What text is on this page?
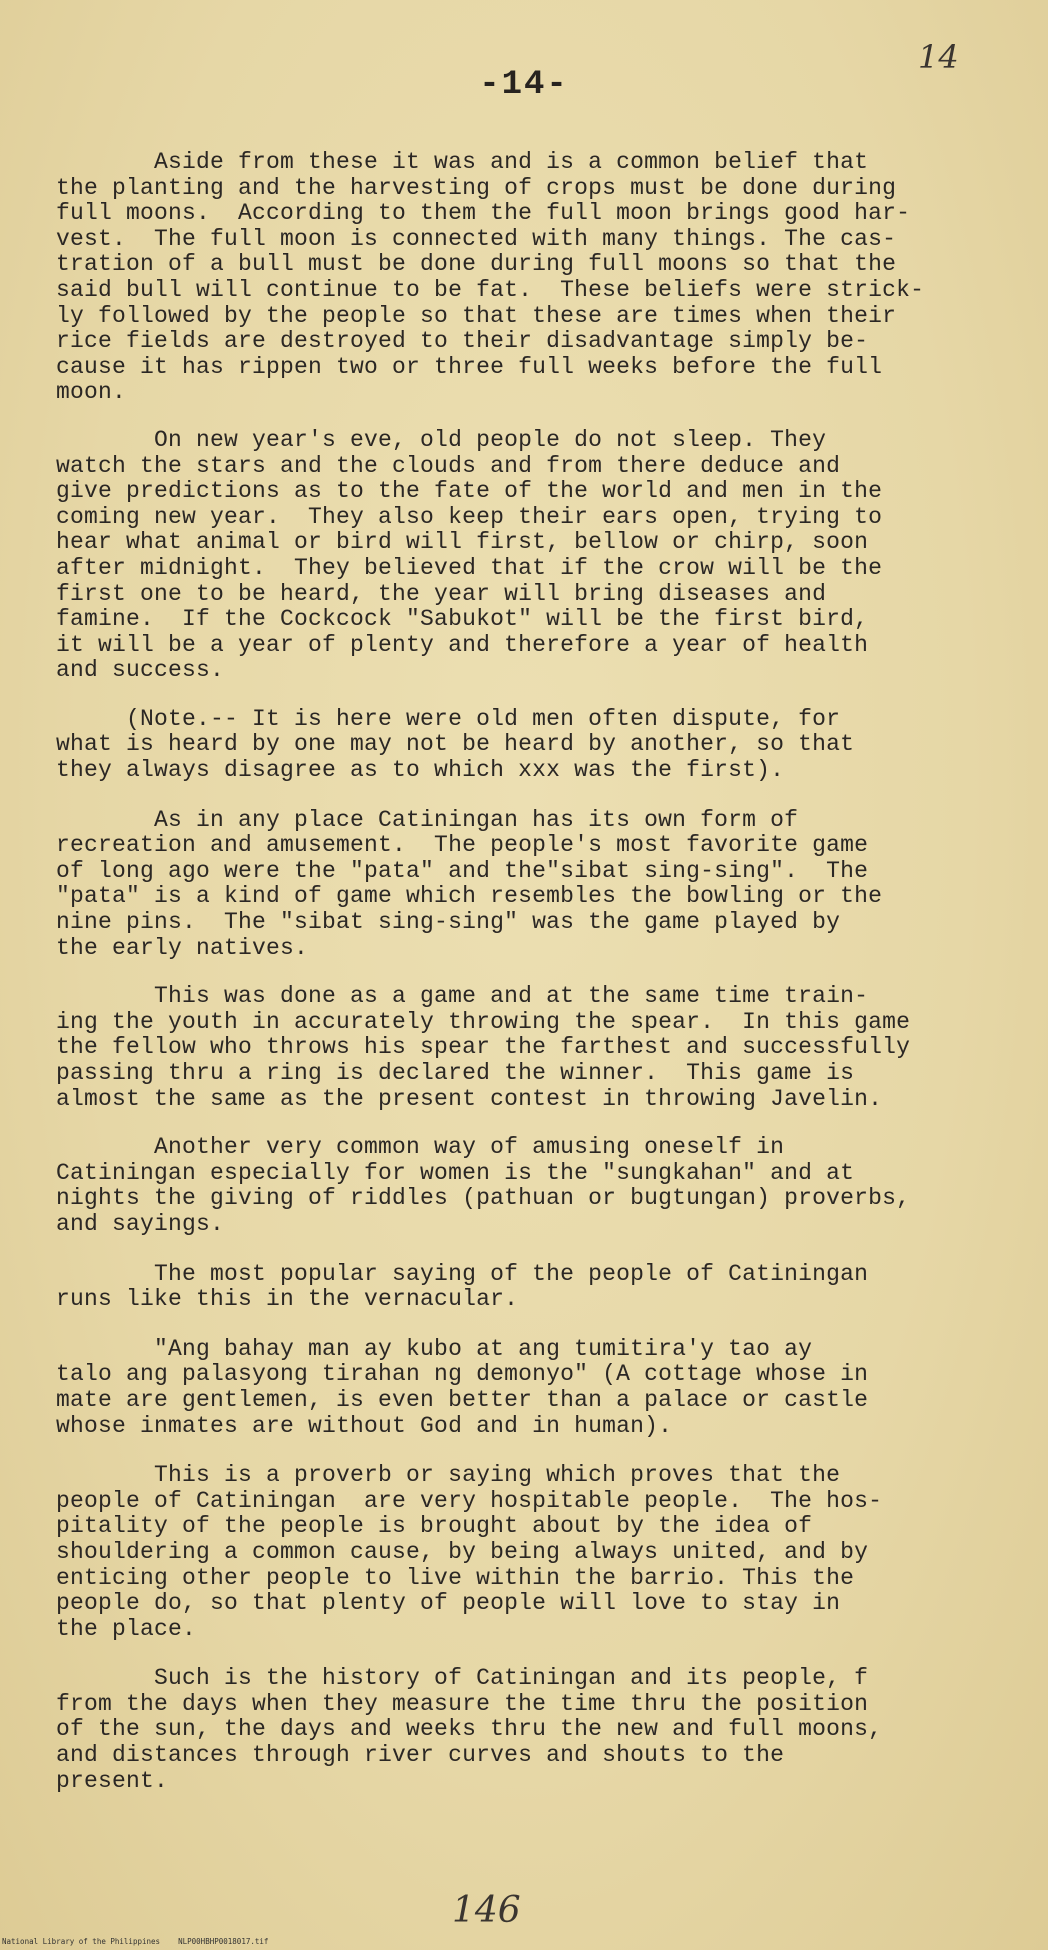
-14-
14

Aside from these it was and is a common belief that
the planting and the harvesting of crops must be done during
full moons.  According to them the full moon brings good har-
vest.  The full moon is connected with many things. The cas-
tration of a bull must be done during full moons so that the
said bull will continue to be fat.  These beliefs were strick-
ly followed by the people so that these are times when their
rice fields are destroyed to their disadvantage simply be-
cause it has rippen two or three full weeks before the full
moon.

On new year's eve, old people do not sleep. They
watch the stars and the clouds and from there deduce and
give predictions as to the fate of the world and men in the
coming new year.  They also keep their ears open, trying to
hear what animal or bird will first, bellow or chirp, soon
after midnight.  They believed that if the crow will be the
first one to be heard, the year will bring diseases and
famine.  If the Cockcock "Sabukot" will be the first bird,
it will be a year of plenty and therefore a year of health
and success.

(Note.-- It is here were old men often dispute, for
what is heard by one may not be heard by another, so that
they always disagree as to which xxx was the first).

As in any place Catiningan has its own form of
recreation and amusement.  The people's most favorite game
of long ago were the "pata" and the"sibat sing-sing".  The
"pata" is a kind of game which resembles the bowling or the
nine pins.  The "sibat sing-sing" was the game played by
the early natives.

This was done as a game and at the same time train-
ing the youth in accurately throwing the spear.  In this game
the fellow who throws his spear the farthest and successfully
passing thru a ring is declared the winner.  This game is
almost the same as the present contest in throwing Javelin.

Another very common way of amusing oneself in
Catiningan especially for women is the "sungkahan" and at
nights the giving of riddles (pathuan or bugtungan) proverbs,
and sayings.

The most popular saying of the people of Catiningan
runs like this in the vernacular.

"Ang bahay man ay kubo at ang tumitira'y tao ay
talo ang palasyong tirahan ng demonyo" (A cottage whose in
mate are gentlemen, is even better than a palace or castle
whose inmates are without God and in human).

This is a proverb or saying which proves that the
people of Catiningan  are very hospitable people.  The hos-
pitality of the people is brought about by the idea of
shouldering a common cause, by being always united, and by
enticing other people to live within the barrio. This the
people do, so that plenty of people will love to stay in
the place.

Such is the history of Catiningan and its people, f
from the days when they measure the time thru the position
of the sun, the days and weeks thru the new and full moons,
and distances through river curves and shouts to the
present.

146
National Library of the Philippines    NLP00HBHP0018017.tif
